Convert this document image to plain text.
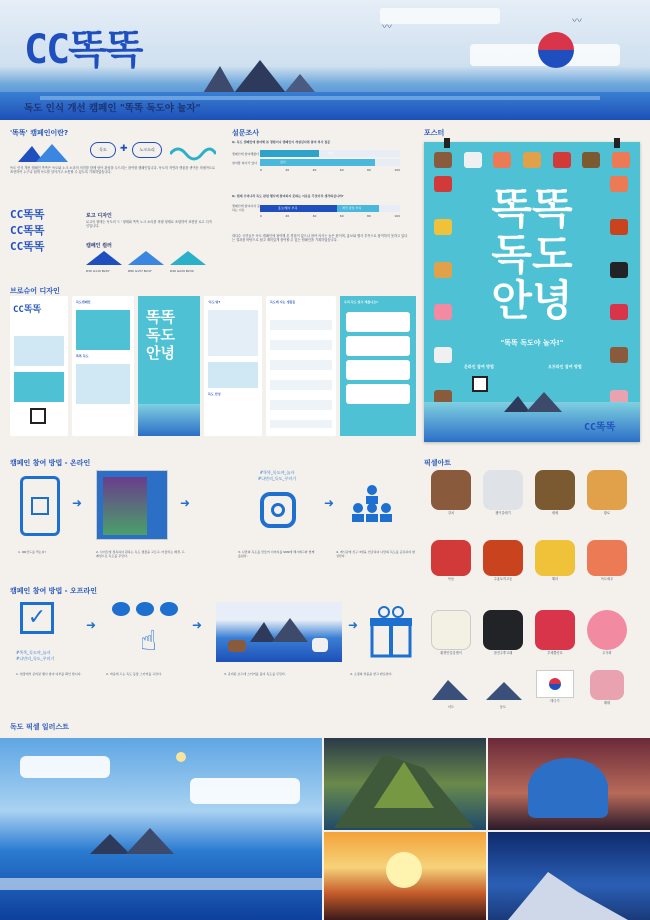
〰
〰
CC똑똑
독도 인식 개선 캠페인 "똑똑 독도야 놀자"
'똑똑' 캠페인이란?
독도	✚	노크소리
독도 인식 개선 캠페인 똑똑은 독도와 노크 소리의 의미를 함께 담아 관심을 두드리는 참여형 캠페인입니다. 독도의 자연과 생물을 귀여운 픽셀아트로 표현하여 누구나 쉽게 독도를 알아가고 소통할 수 있도록 기획하였습니다.
CC똑똑
CC똑똑
CC똑똑
로고 디자인
로고의 형태는 독도의 'ㄷ' 형태와 똑똑 노크 소리를 픽셀 형태로 조합하여 표현한 로고 디자인입니다.
캠페인 컬러
R30 G110 B207	R80 G157 B247	R49 G229 B234
설문조사
Q. 독도 캠페인에 참여해 본 경험이나 캠페인이 개설된다면 참여 의사 질문
캠페인에 참여해봤다	없다
참여할 의사가 있다	있다
0	20	40	60	80	100
Q. 현재 우리나라 독도 관련 행사에 참여하지 못하는 이유를 무엇이라 생각하십니까?
캠페인에 참여하지 못하는 이유
홍보/행사 부족	개인 관심 부족
0	20	40	60	80	100
대다수 국민들은 독도 캠페인에 참여해 본 경험이 없으나 참여 의사는 높은 편이며, 홍보와 행사 부족으로 참여하지 못하고 있다는 결과를 바탕으로 쉽고 재미있게 참여할 수 있는 캠페인을 기획하였습니다.
포스터
똑똑
독도
안녕
"똑똑 독도야 놀자!"
온라인 참여 방법	오프라인 참여 방법
CC똑똑
브로슈어 디자인
CC똑똑
독도캠페인
똑똑 독도
똑똑
독도
안녕
'독도'란?
독도 안녕
독도에 사는 생물들	우리 독도 알고 계셨나요?
캠페인 참여 방법 - 온라인
➜	➜
#똑똑_독도야_놀자
#나만의_독도_꾸미기
➜
1. QR코드를 찍는다!	2. 사이트에 접속하여 원하는 독도 생물을 고르고, 어울리는 배경, 프레임으로 독도를 꾸민다.
3. 나만의 독도를 만들어 이미지를 SNS에 해시태그와 함께 올린다.
4. 게시글에 친구 3명을 언급하여 나만의 독도를 공유하여 완성한다.
캠페인 참여 방법 - 오프라인
✓
#똑똑_독도야_놀자
#나만의_독도_꾸미기
➜ ☝	➜	➜
1. 현장에서 준비된 행사 참여 여부를 확인 합니다.	2. 마음에 드는 독도 동물 스티커를 고른다.	3. 준비된 보드에 스티커를 붙여 독도를 꾸민다.	4. 소정의 상품을 받고 완료한다.
픽셀아트
강치	괭이갈매기	새매	황로
독돔	주홍토끼고둥	해마	독도새우
환경안갈갈엠이	참진주뿌고래	부채뿔산호	우곡화
서도	동도
태극기	해태
독도 픽셀 일러스트
